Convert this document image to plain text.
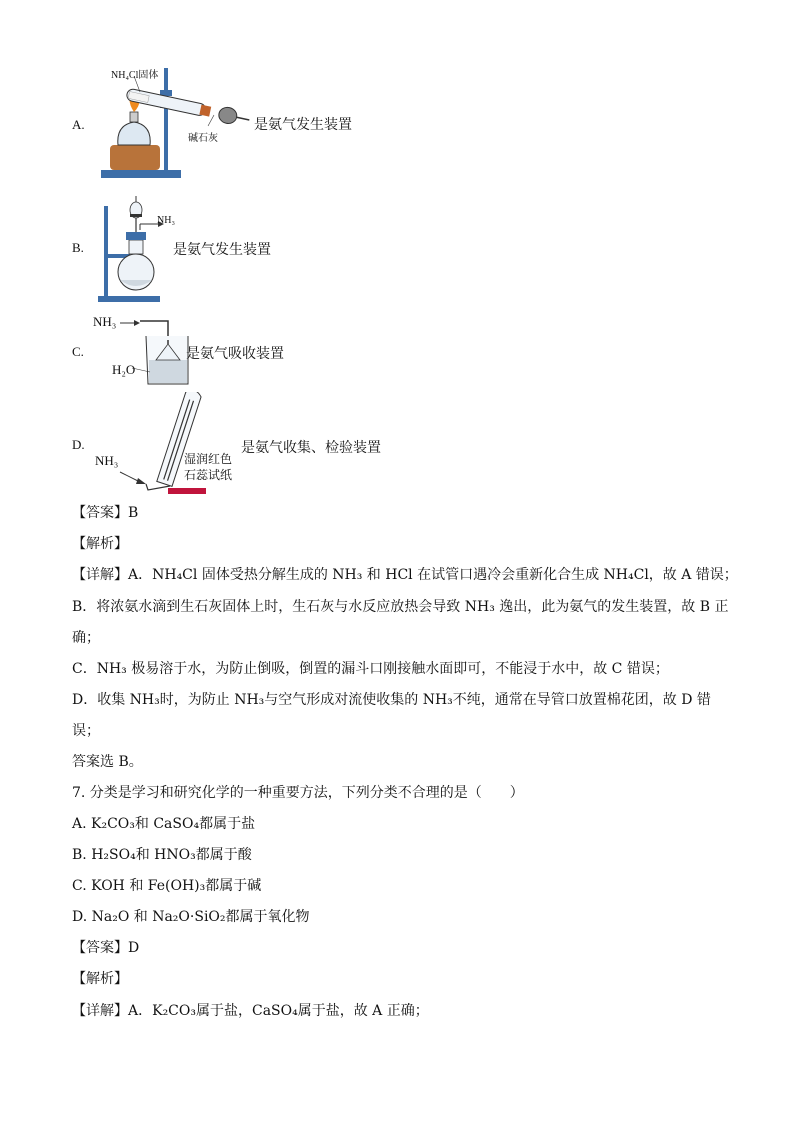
A.
NH₄Cl固体
碱石灰
是氨气发生装置
B.
NH₃
是氨气发生装置
C.
NH₃
H₂O
是氨气吸收装置
D.
NH₃	湿润红色
石蕊试纸
是氨气收集、检验装置
【答案】B
【解析】
【详解】A．NH₄Cl 固体受热分解生成的 NH₃ 和 HCl 在试管口遇冷会重新化合生成 NH₄Cl，故 A 错误；
B．将浓氨水滴到生石灰固体上时，生石灰与水反应放热会导致 NH₃ 逸出，此为氨气的发生装置，故 B 正
确；
C．NH₃ 极易溶于水，为防止倒吸，倒置的漏斗口刚接触水面即可，不能浸于水中，故 C 错误；
D．收集 NH₃时，为防止 NH₃与空气形成对流使收集的 NH₃不纯，通常在导管口放置棉花团，故 D 错
误；
答案选 B。
7. 分类是学习和研究化学的一种重要方法，下列分类不合理的是（　　）
A. K₂CO₃和 CaSO₄都属于盐
B. H₂SO₄和 HNO₃都属于酸
C. KOH 和 Fe(OH)₃都属于碱
D. Na₂O 和 Na₂O·SiO₂都属于氧化物
【答案】D
【解析】
【详解】A．K₂CO₃属于盐，CaSO₄属于盐，故 A 正确；
